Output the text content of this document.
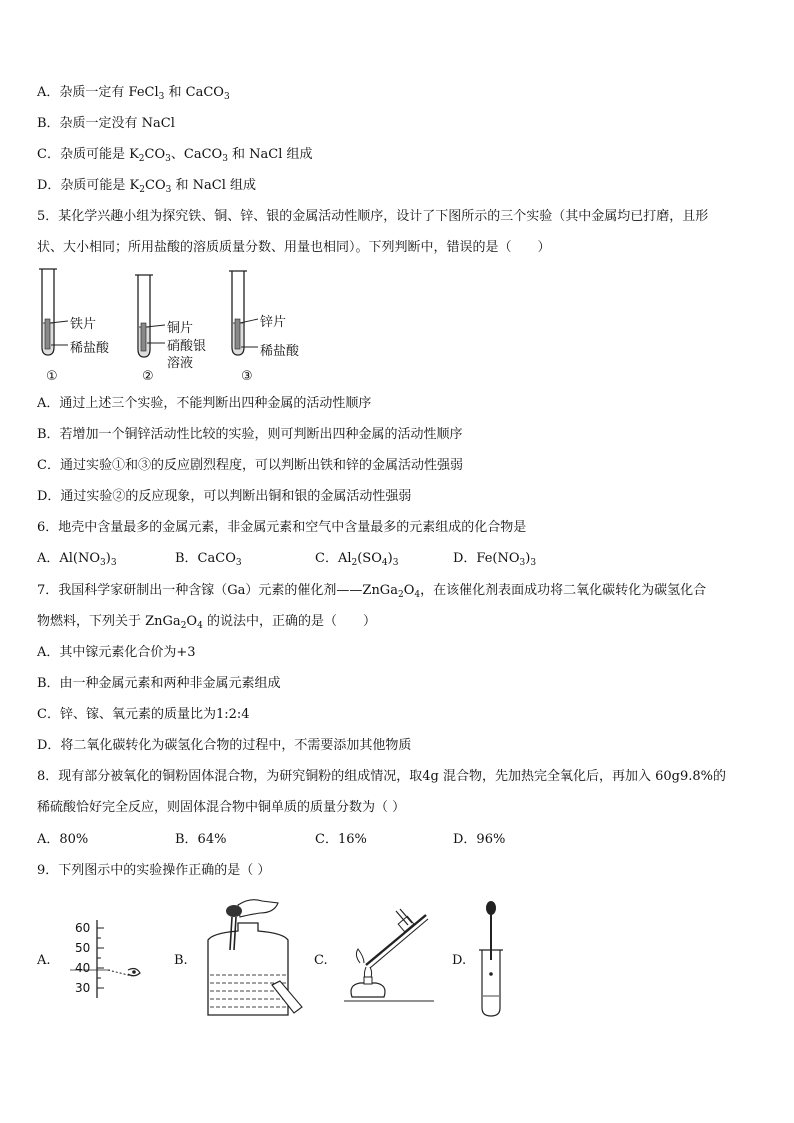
A．杂质一定有 FeCl$_3$ 和 CaCO$_3$
B．杂质一定没有 NaCl
C．杂质可能是 $K_2CO_3$、CaCO$_3$ 和 NaCl 组成
D．杂质可能是 $K_2CO_3$ 和 NaCl 组成
5．某化学兴趣小组为探究铁、铜、锌、银的金属活动性顺序，设计了下图所示的三个实验（其中金属均已打磨，且形
状、大小相同；所用盐酸的溶质质量分数、用量也相同）。下列判断中，错误的是（　　）
铁片
稀盐酸
①
铜片
硝酸银
溶液
②
锌片
稀盐酸
③
A．通过上述三个实验，不能判断出四种金属的活动性顺序
B．若增加一个铜锌活动性比较的实验，则可判断出四种金属的活动性顺序
C．通过实验①和③的反应剧烈程度，可以判断出铁和锌的金属活动性强弱
D．通过实验②的反应现象，可以判断出铜和银的金属活动性强弱
6．地壳中含量最多的金属元素，非金属元素和空气中含量最多的元素组成的化合物是
A．$Al(NO_3)_3$	B．CaCO$_3$	C．$Al_2(SO_4)_3$	D．$Fe(NO_3)_3$
7．我国科学家研制出一种含镓（Ga）元素的催化剂$——ZnGa_2O_4$，在该催化剂表面成功将二氧化碳转化为碳氢化合
物燃料，下列关于 $ZnGa_2O_4$ 的说法中，正确的是（　　）
A．其中镓元素化合价为+3
B．由一种金属元素和两种非金属元素组成
C．锌、镓、氧元素的质量比为1:2:4
D．将二氧化碳转化为碳氢化合物的过程中，不需要添加其他物质
8．现有部分被氧化的铜粉固体混合物，为研究铜粉的组成情况，取4g 混合物，先加热完全氧化后，再加入 60g9.8%的
稀硫酸恰好完全反应，则固体混合物中铜单质的质量分数为（ ）
A．80%	B．64%	C．16%	D．96%
9．下列图示中的实验操作正确的是（ ）
A.
60
50
40
30
B.	C.	D.
